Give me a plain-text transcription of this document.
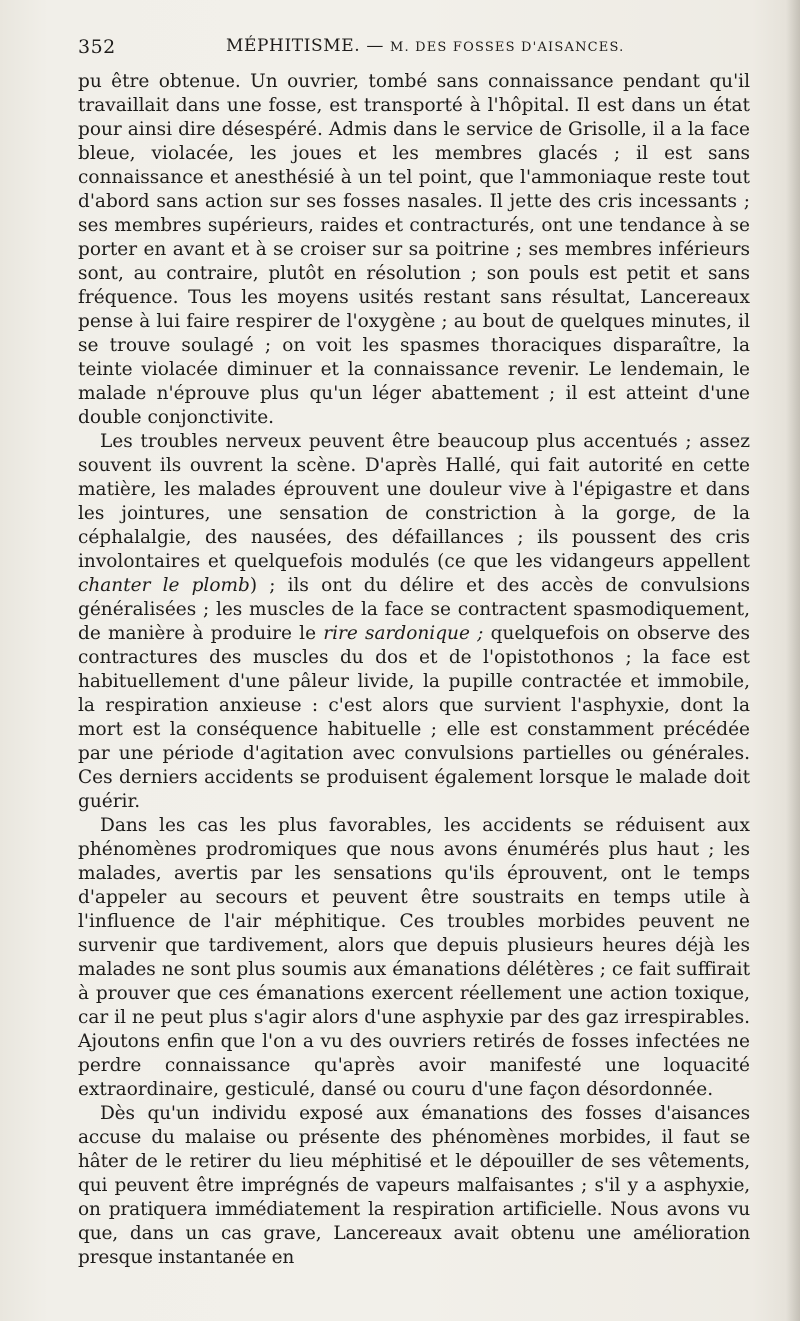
352	MÉPHITISME. — M. DES FOSSES D'AISANCES.

pu être obtenue. Un ouvrier, tombé sans connaissance pendant qu'il travaillait dans une fosse, est transporté à l'hôpital. Il est dans un état pour ainsi dire désespéré. Admis dans le service de Grisolle, il a la face bleue, violacée, les joues et les membres glacés ; il est sans connaissance et anesthésié à un tel point, que l'ammoniaque reste tout d'abord sans action sur ses fosses nasales. Il jette des cris incessants ; ses membres supérieurs, raides et contracturés, ont une tendance à se porter en avant et à se croiser sur sa poitrine ; ses membres inférieurs sont, au contraire, plutôt en résolution ; son pouls est petit et sans fréquence. Tous les moyens usités restant sans résultat, Lancereaux pense à lui faire respirer de l'oxygène ; au bout de quelques minutes, il se trouve soulagé ; on voit les spasmes thoraciques disparaître, la teinte violacée diminuer et la connaissance revenir. Le lendemain, le malade n'éprouve plus qu'un léger abattement ; il est atteint d'une double conjonctivite.

Les troubles nerveux peuvent être beaucoup plus accentués ; assez souvent ils ouvrent la scène. D'après Hallé, qui fait autorité en cette matière, les malades éprouvent une douleur vive à l'épigastre et dans les jointures, une sensation de constriction à la gorge, de la céphalalgie, des nausées, des défaillances ; ils poussent des cris involontaires et quelquefois modulés (ce que les vidangeurs appellent chanter le plomb) ; ils ont du délire et des accès de convulsions généralisées ; les muscles de la face se contractent spasmodiquement, de manière à produire le rire sardonique ; quelquefois on observe des contractures des muscles du dos et de l'opistothonos ; la face est habituellement d'une pâleur livide, la pupille contractée et immobile, la respiration anxieuse : c'est alors que survient l'asphyxie, dont la mort est la conséquence habituelle ; elle est constamment précédée par une période d'agitation avec convulsions partielles ou générales. Ces derniers accidents se produisent également lorsque le malade doit guérir.

Dans les cas les plus favorables, les accidents se réduisent aux phénomènes prodromiques que nous avons énumérés plus haut ; les malades, avertis par les sensations qu'ils éprouvent, ont le temps d'appeler au secours et peuvent être soustraits en temps utile à l'influence de l'air méphitique. Ces troubles morbides peuvent ne survenir que tardivement, alors que depuis plusieurs heures déjà les malades ne sont plus soumis aux émanations délétères ; ce fait suffirait à prouver que ces émanations exercent réellement une action toxique, car il ne peut plus s'agir alors d'une asphyxie par des gaz irrespirables. Ajoutons enfin que l'on a vu des ouvriers retirés de fosses infectées ne perdre connaissance qu'après avoir manifesté une loquacité extraordinaire, gesticulé, dansé ou couru d'une façon désordonnée.

Dès qu'un individu exposé aux émanations des fosses d'aisances accuse du malaise ou présente des phénomènes morbides, il faut se hâter de le retirer du lieu méphitisé et le dépouiller de ses vêtements, qui peuvent être imprégnés de vapeurs malfaisantes ; s'il y a asphyxie, on pratiquera immédiatement la respiration artificielle. Nous avons vu que, dans un cas grave, Lancereaux avait obtenu une amélioration presque instantanée en
